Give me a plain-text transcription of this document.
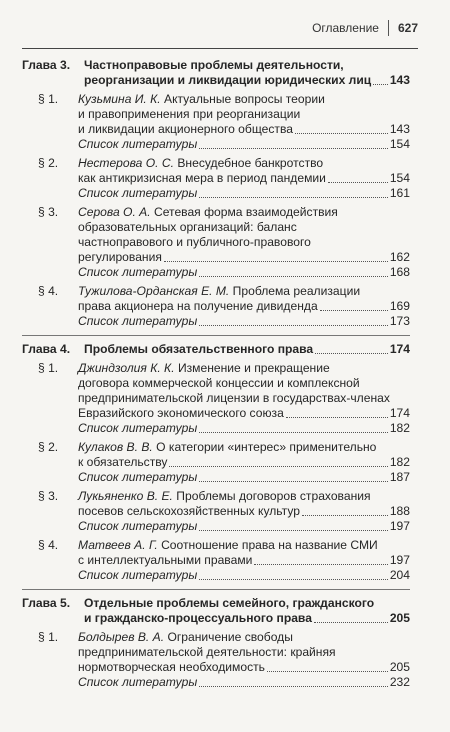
Оглавление 627
Глава 3.	Частноправовые проблемы деятельности,
реорганизации и ликвидации юридических лиц 143
§ 1.	Кузьмина И. К. Актуальные вопросы теории
и правоприменения при реорганизации
и ликвидации акционерного общества	143
Список литературы	154
§ 2.	Нестерова О. С. Внесудебное банкротство
как антикризисная мера в период пандемии	154
Список литературы	161
§ 3.	Серова О. А. Сетевая форма взаимодействия
образовательных организаций: баланс
частноправового и публичного-правового
регулирования	162
Список литературы	168
§ 4.	Тужилова-Орданская Е. М. Проблема реализации
права акционера на получение дивиденда	169
Список литературы	173
Глава 4.	Проблемы обязательственного права	174
§ 1.	Джиндзолия К. К. Изменение и прекращение
договора коммерческой концессии и комплексной
предпринимательской лицензии в государствах-членах
Евразийского экономического союза	174
Список литературы	182
§ 2.	Кулаков В. В. О категории «интерес» применительно
к обязательству	182
Список литературы	187
§ 3.	Лукьяненко В. Е. Проблемы договоров страхования
посевов сельскохозяйственных культур	188
Список литературы	197
§ 4.	Матвеев А. Г. Соотношение права на название СМИ
с интеллектуальными правами	197
Список литературы	204
Глава 5.	Отдельные проблемы семейного, гражданского
и гражданско-процессуального права	205
§ 1.	Болдырев В. А. Ограничение свободы
предпринимательской деятельности: крайняя
нормотворческая необходимость	205
Список литературы	232
